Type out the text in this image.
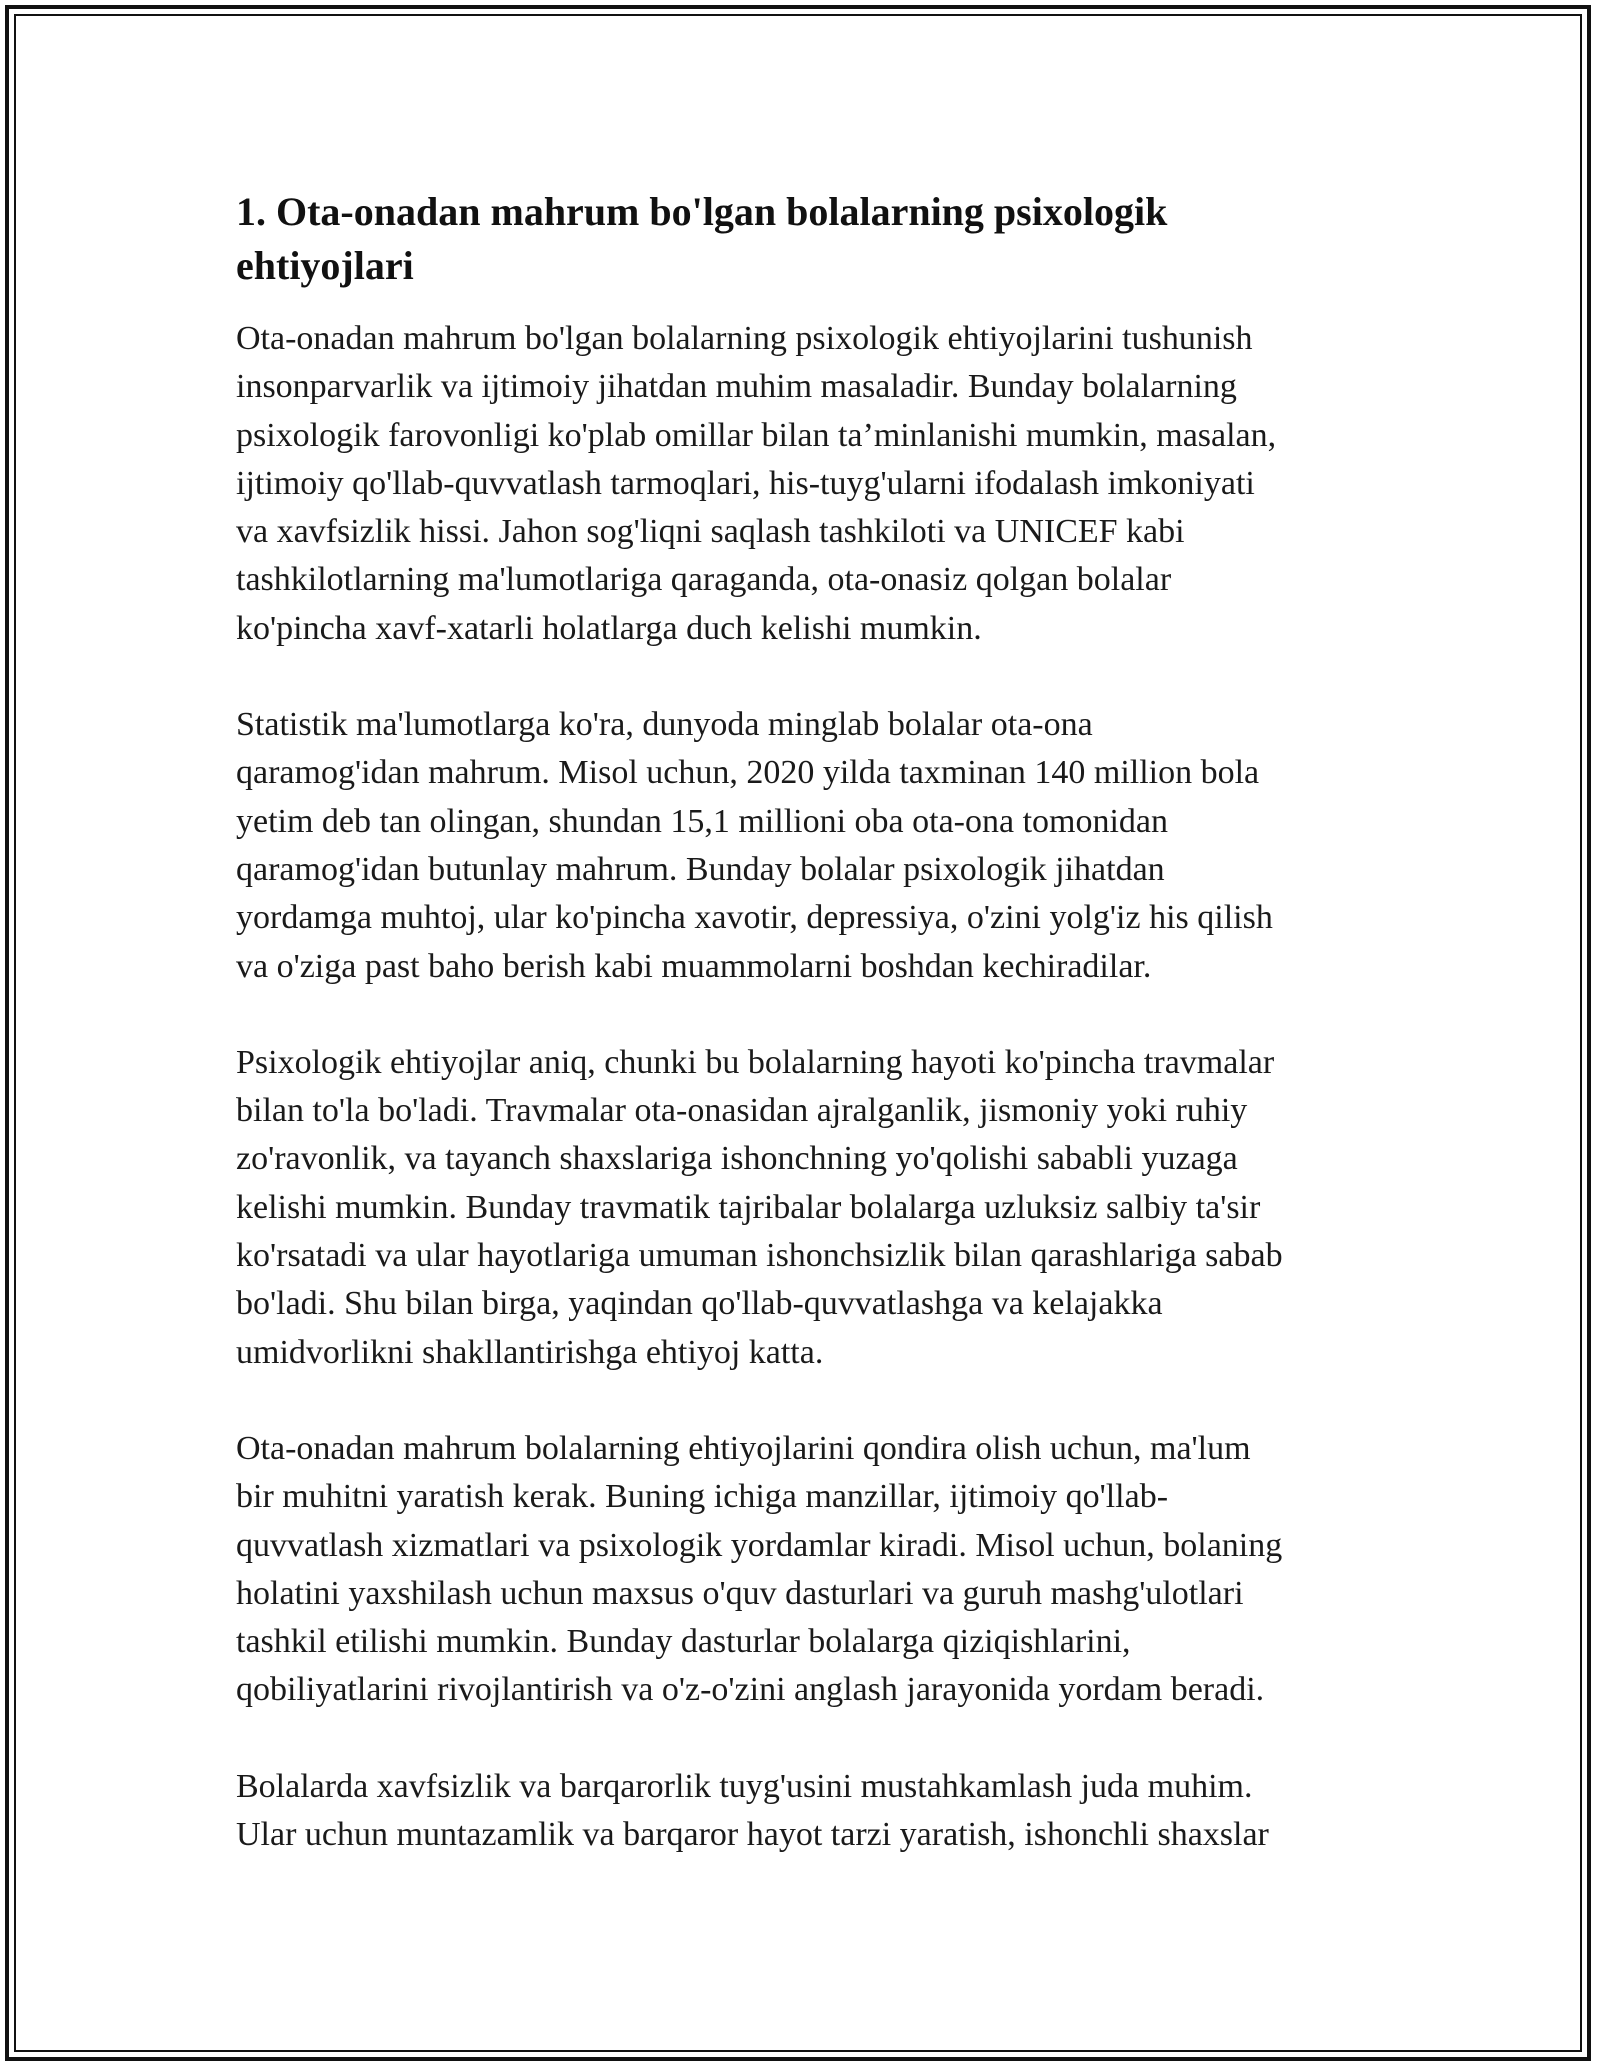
1. Ota-onadan mahrum bo'lgan bolalarning psixologik
ehtiyojlari

Ota-onadan mahrum bo'lgan bolalarning psixologik ehtiyojlarini tushunish
insonparvarlik va ijtimoiy jihatdan muhim masaladir. Bunday bolalarning
psixologik farovonligi ko'plab omillar bilan ta’minlanishi mumkin, masalan,
ijtimoiy qo'llab-quvvatlash tarmoqlari, his-tuyg'ularni ifodalash imkoniyati
va xavfsizlik hissi. Jahon sog'liqni saqlash tashkiloti va UNICEF kabi
tashkilotlarning ma'lumotlariga qaraganda, ota-onasiz qolgan bolalar
ko'pincha xavf-xatarli holatlarga duch kelishi mumkin.

Statistik ma'lumotlarga ko'ra, dunyoda minglab bolalar ota-ona
qaramog'idan mahrum. Misol uchun, 2020 yilda taxminan 140 million bola
yetim deb tan olingan, shundan 15,1 millioni oba ota-ona tomonidan
qaramog'idan butunlay mahrum. Bunday bolalar psixologik jihatdan
yordamga muhtoj, ular ko'pincha xavotir, depressiya, o'zini yolg'iz his qilish
va o'ziga past baho berish kabi muammolarni boshdan kechiradilar.

Psixologik ehtiyojlar aniq, chunki bu bolalarning hayoti ko'pincha travmalar
bilan to'la bo'ladi. Travmalar ota-onasidan ajralganlik, jismoniy yoki ruhiy
zo'ravonlik, va tayanch shaxslariga ishonchning yo'qolishi sababli yuzaga
kelishi mumkin. Bunday travmatik tajribalar bolalarga uzluksiz salbiy ta'sir
ko'rsatadi va ular hayotlariga umuman ishonchsizlik bilan qarashlariga sabab
bo'ladi. Shu bilan birga, yaqindan qo'llab-quvvatlashga va kelajakka
umidvorlikni shakllantirishga ehtiyoj katta.

Ota-onadan mahrum bolalarning ehtiyojlarini qondira olish uchun, ma'lum
bir muhitni yaratish kerak. Buning ichiga manzillar, ijtimoiy qo'llab-
quvvatlash xizmatlari va psixologik yordamlar kiradi. Misol uchun, bolaning
holatini yaxshilash uchun maxsus o'quv dasturlari va guruh mashg'ulotlari
tashkil etilishi mumkin. Bunday dasturlar bolalarga qiziqishlarini,
qobiliyatlarini rivojlantirish va o'z-o'zini anglash jarayonida yordam beradi.

Bolalarda xavfsizlik va barqarorlik tuyg'usini mustahkamlash juda muhim.
Ular uchun muntazamlik va barqaror hayot tarzi yaratish, ishonchli shaxslar
